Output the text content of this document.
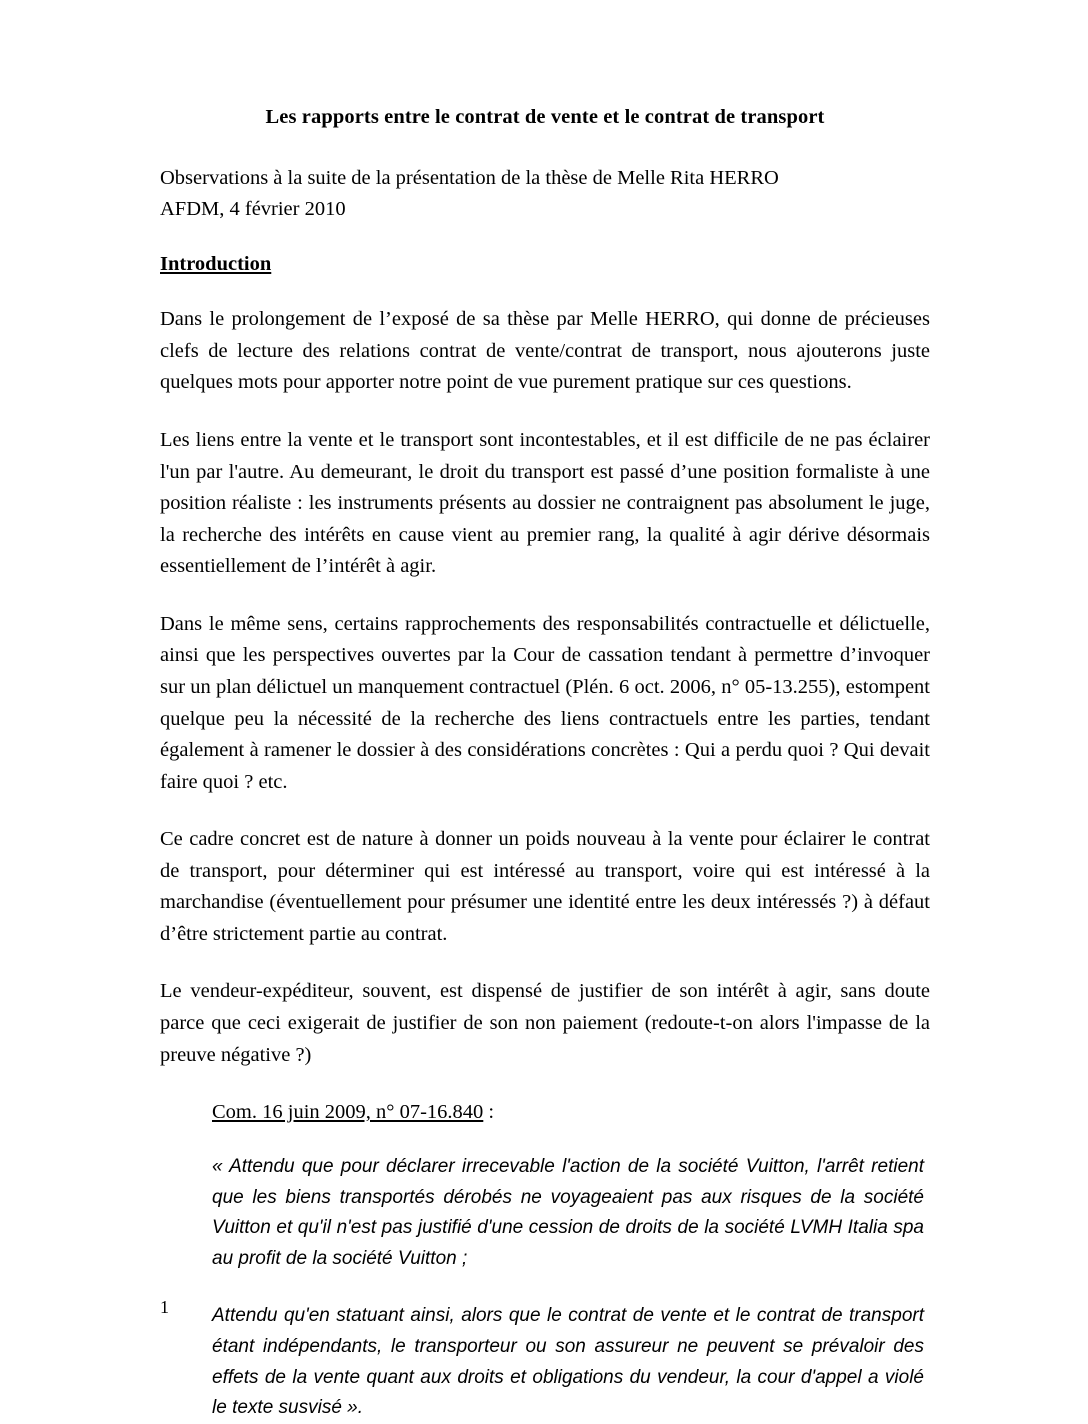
Les rapports entre le contrat de vente et le contrat de transport
Observations à la suite de la présentation de la thèse de Melle Rita HERRO
AFDM, 4 février 2010
Introduction

Dans le prolongement de l’exposé de sa thèse par Melle HERRO, qui donne de précieuses clefs de lecture des relations contrat de vente/contrat de transport, nous ajouterons juste quelques mots pour apporter notre point de vue purement pratique sur ces questions.

Les liens entre la vente et le transport sont incontestables, et il est difficile de ne pas éclairer l'un par l'autre. Au demeurant, le droit du transport est passé d’une position formaliste à une position réaliste : les instruments présents au dossier ne contraignent pas absolument le juge, la recherche des intérêts en cause vient au premier rang, la qualité à agir dérive désormais essentiellement de l’intérêt à agir.

Dans le même sens, certains rapprochements des responsabilités contractuelle et délictuelle, ainsi que les perspectives ouvertes par la Cour de cassation tendant à permettre d’invoquer sur un plan délictuel un manquement contractuel (Plén. 6 oct. 2006, n° 05-13.255), estompent quelque peu la nécessité de la recherche des liens contractuels entre les parties, tendant également à ramener le dossier à des considérations concrètes : Qui a perdu quoi ? Qui devait faire quoi ? etc.

Ce cadre concret est de nature à donner un poids nouveau à la vente pour éclairer le contrat de transport, pour déterminer qui est intéressé au transport, voire qui est intéressé à la marchandise (éventuellement pour présumer une identité entre les deux intéressés ?) à défaut d’être strictement partie au contrat.

Le vendeur-expéditeur, souvent, est dispensé de justifier de son intérêt à agir, sans doute parce que ceci exigerait de justifier de son non paiement (redoute-t-on alors l'impasse de la preuve négative ?)

Com. 16 juin 2009, n° 07-16.840 :

« Attendu que pour déclarer irrecevable l'action de la société Vuitton, l'arrêt retient que les biens transportés dérobés ne voyageaient pas aux risques de la société Vuitton et qu'il n'est pas justifié d'une cession de droits de la société LVMH Italia spa au profit de la société Vuitton ;

Attendu qu'en statuant ainsi, alors que le contrat de vente et le contrat de transport étant indépendants, le transporteur ou son assureur ne peuvent se prévaloir des effets de la vente quant aux droits et obligations du vendeur, la cour d'appel a violé le texte susvisé ».

1
